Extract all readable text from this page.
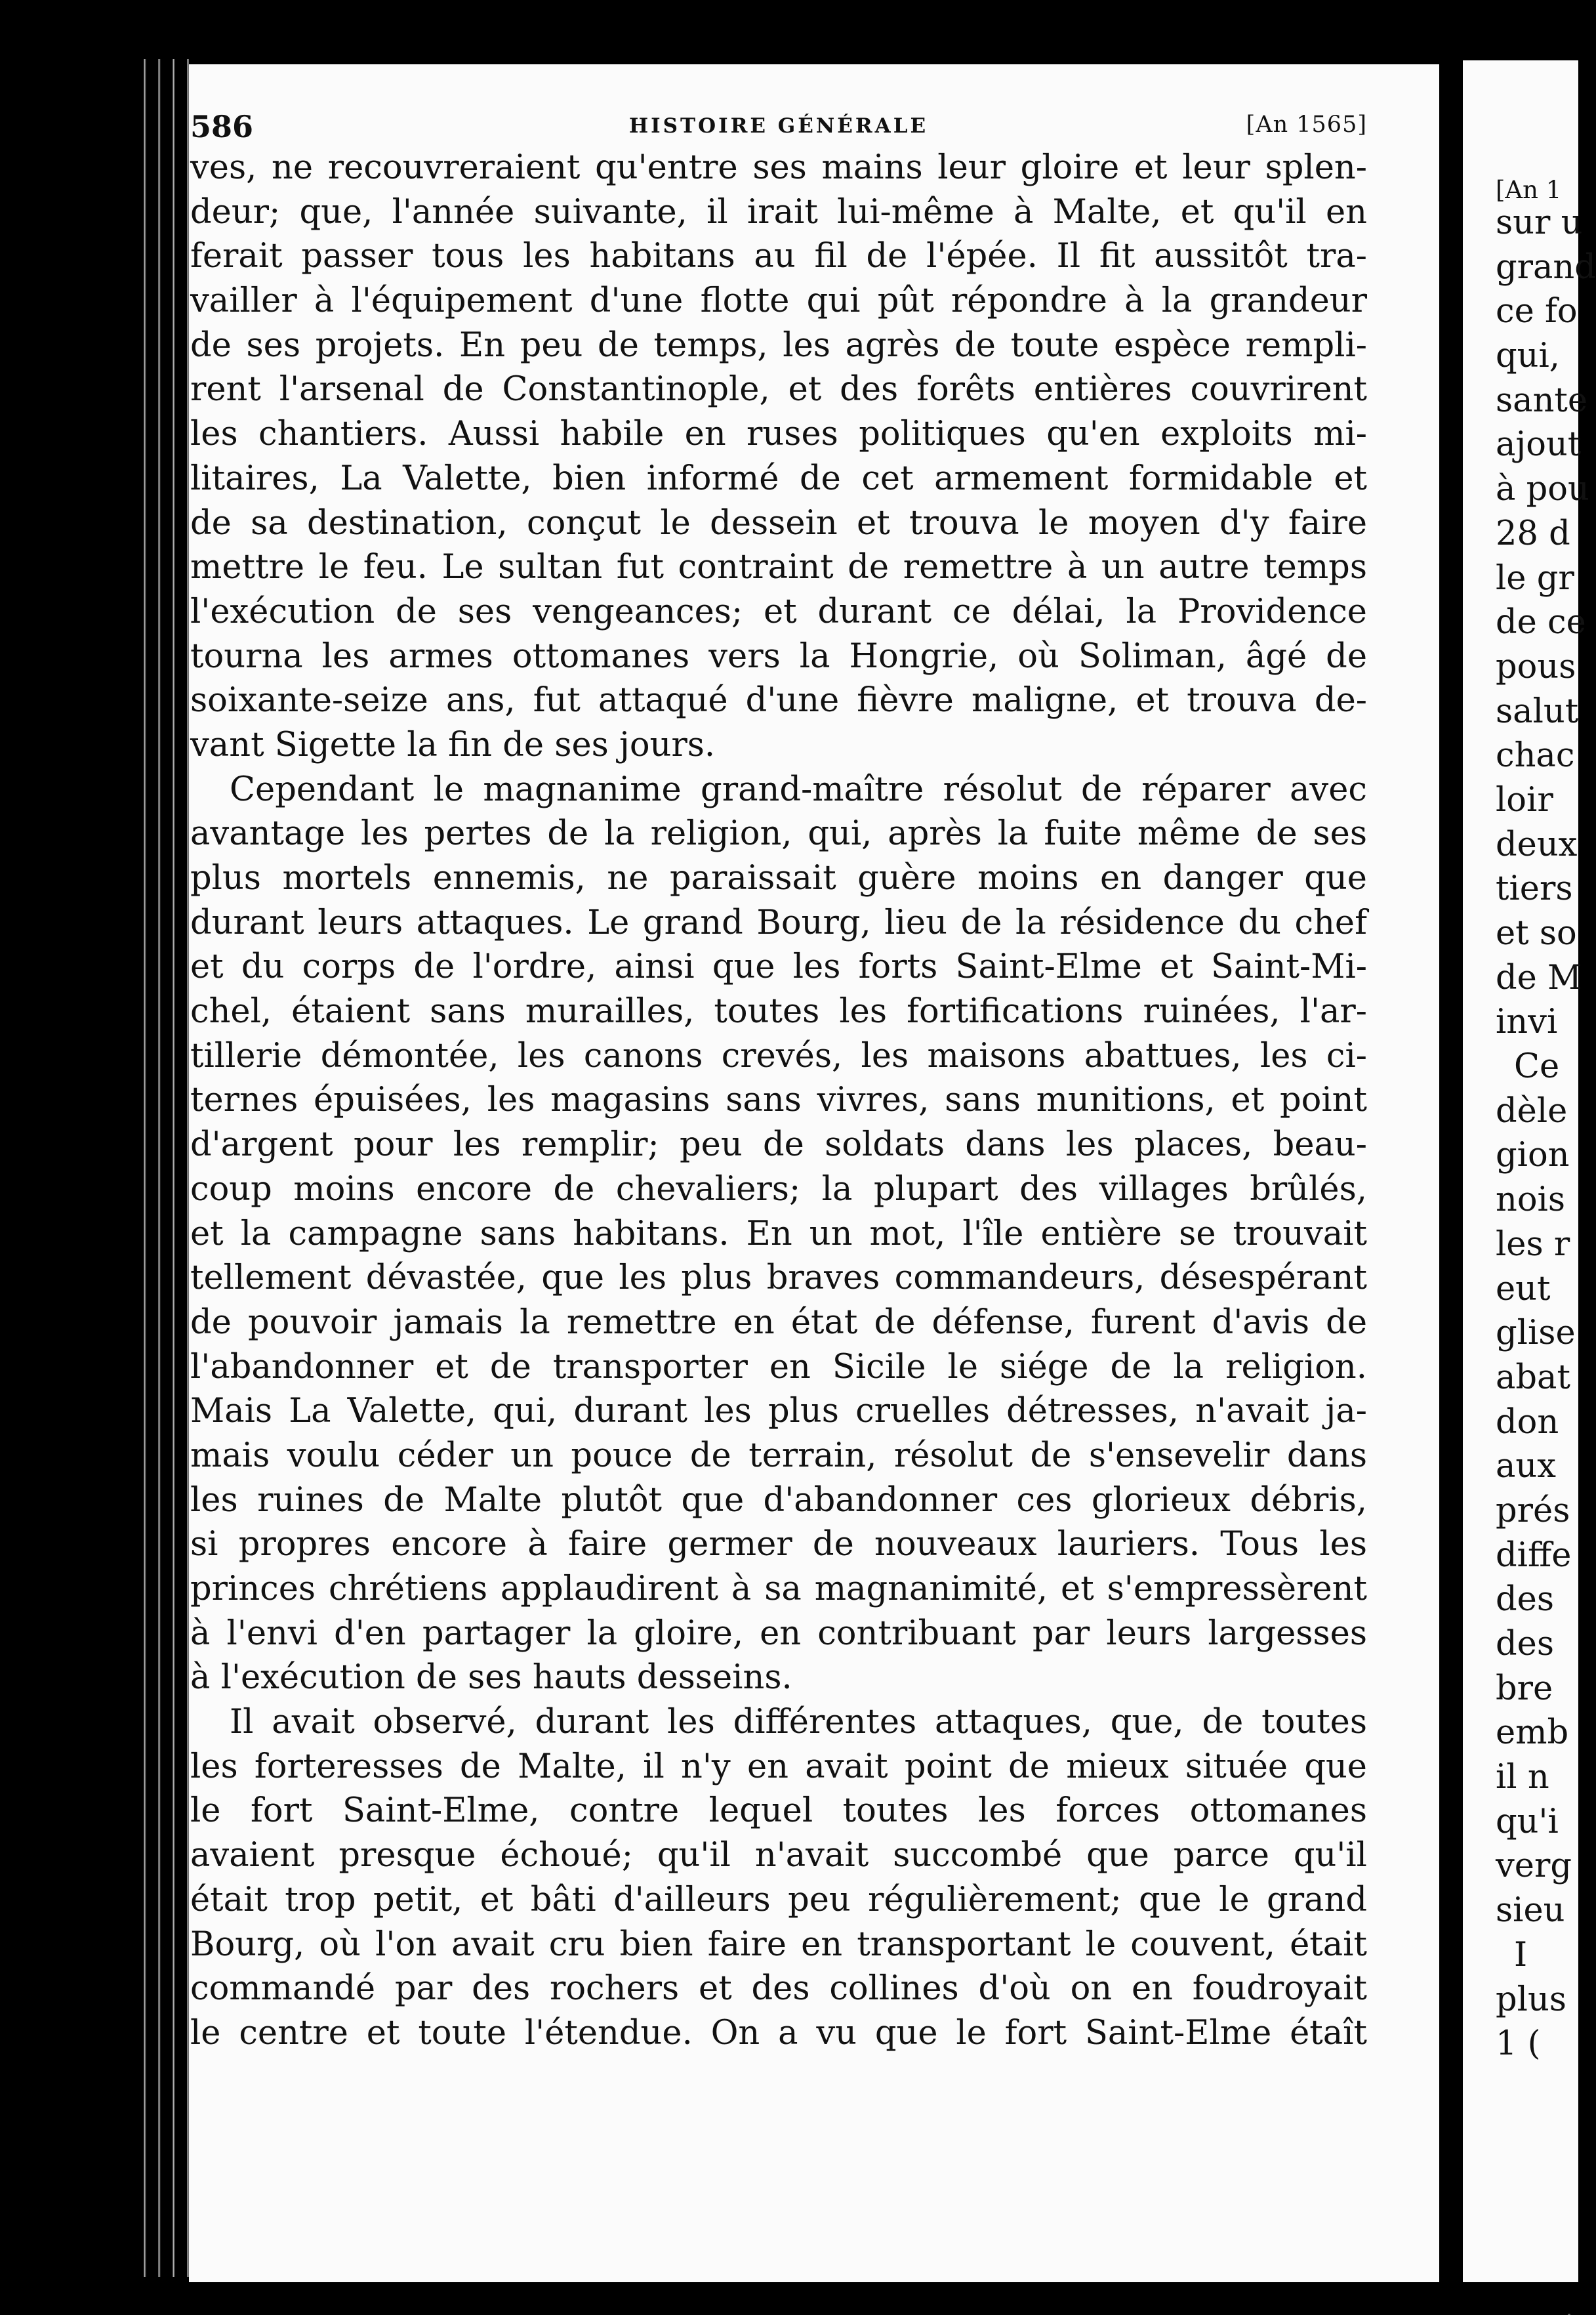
586	HISTOIRE GÉNÉRALE	[An 1565]
ves, ne recouvreraient qu'entre ses mains leur gloire et leur splen-
deur; que, l'année suivante, il irait lui-même à Malte, et qu'il en
ferait passer tous les habitans au fil de l'épée. Il fit aussitôt tra-
vailler à l'équipement d'une flotte qui pût répondre à la grandeur
de ses projets. En peu de temps, les agrès de toute espèce rempli-
rent l'arsenal de Constantinople, et des forêts entières couvrirent
les chantiers. Aussi habile en ruses politiques qu'en exploits mi-
litaires, La Valette, bien informé de cet armement formidable et
de sa destination, conçut le dessein et trouva le moyen d'y faire
mettre le feu. Le sultan fut contraint de remettre à un autre temps
l'exécution de ses vengeances; et durant ce délai, la Providence
tourna les armes ottomanes vers la Hongrie, où Soliman, âgé de
soixante-seize ans, fut attaqué d'une fièvre maligne, et trouva de-
vant Sigette la fin de ses jours.
Cependant le magnanime grand-maître résolut de réparer avec
avantage les pertes de la religion, qui, après la fuite même de ses
plus mortels ennemis, ne paraissait guère moins en danger que
durant leurs attaques. Le grand Bourg, lieu de la résidence du chef
et du corps de l'ordre, ainsi que les forts Saint-Elme et Saint-Mi-
chel, étaient sans murailles, toutes les fortifications ruinées, l'ar-
tillerie démontée, les canons crevés, les maisons abattues, les ci-
ternes épuisées, les magasins sans vivres, sans munitions, et point
d'argent pour les remplir; peu de soldats dans les places, beau-
coup moins encore de chevaliers; la plupart des villages brûlés,
et la campagne sans habitans. En un mot, l'île entière se trouvait
tellement dévastée, que les plus braves commandeurs, désespérant
de pouvoir jamais la remettre en état de défense, furent d'avis de
l'abandonner et de transporter en Sicile le siége de la religion.
Mais La Valette, qui, durant les plus cruelles détresses, n'avait ja-
mais voulu céder un pouce de terrain, résolut de s'ensevelir dans
les ruines de Malte plutôt que d'abandonner ces glorieux débris,
si propres encore à faire germer de nouveaux lauriers. Tous les
princes chrétiens applaudirent à sa magnanimité, et s'empressèrent
à l'envi d'en partager la gloire, en contribuant par leurs largesses
à l'exécution de ses hauts desseins.
Il avait observé, durant les différentes attaques, que, de toutes
les forteresses de Malte, il n'y en avait point de mieux située que
le fort Saint-Elme, contre lequel toutes les forces ottomanes
avaient presque échoué; qu'il n'avait succombé que parce qu'il
était trop petit, et bâti d'ailleurs peu régulièrement; que le grand
Bourg, où l'on avait cru bien faire en transportant le couvent, était
commandé par des rochers et des collines d'où on en foudroyait
le centre et toute l'étendue. On a vu que le fort Saint-Elme étaît
[An 1
sur u
grand
ce fo
qui,
sante
ajout
à pou
28 d
le gr
de ce
pous
salut
chac
loir
deux
tiers
et so
de M
invi
Ce
dèle
gion
nois
les r
eut
glise
abat
don
aux
prés
diffe
des
des
bre
emb
il n
qu'i
verg
sieu
I
plus
1 (
